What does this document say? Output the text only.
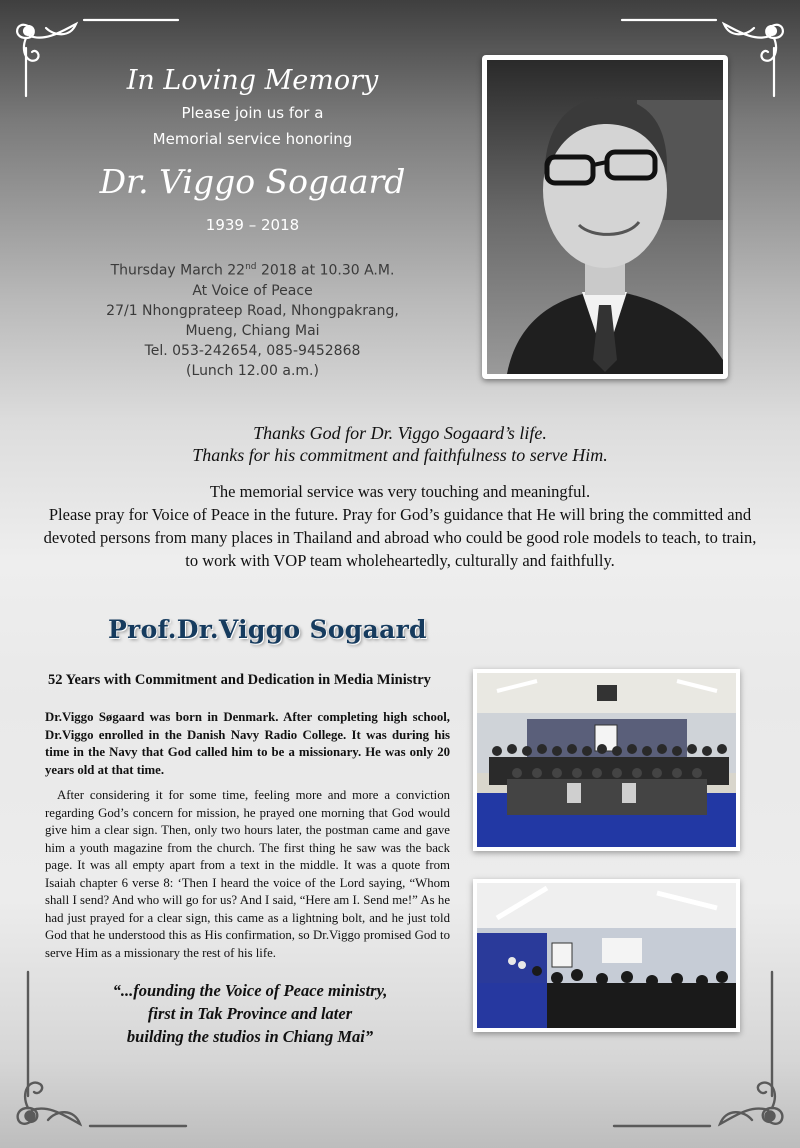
In Loving Memory
Please join us for a
Memorial service honoring
Dr. Viggo Sogaard
1939 – 2018
Thursday March 22nd 2018 at 10.30 A.M.
At Voice of Peace
27/1 Nhongprateep Road, Nhongpakrang,
Mueng, Chiang Mai
Tel. 053-242654, 085-9452868
(Lunch 12.00 a.m.)
Thanks God for Dr. Viggo Sogaard’s life.
Thanks for his commitment and faithfulness to serve Him.
The memorial service was very touching and meaningful.
Please pray for Voice of Peace in the future. Pray for God’s guidance that He will bring the committed and devoted persons from many places in Thailand and abroad who could be good role models to teach, to train, to work with VOP team wholeheartedly, culturally and faithfully.
Prof.Dr.Viggo Sogaard
52 Years with Commitment and Dedication in Media Ministry
Dr.Viggo Søgaard was born in Denmark. After completing high school, Dr.Viggo enrolled in the Danish Navy Radio College. It was during his time in the Navy that God called him to be a missionary. He was only 20 years old at that time.
After considering it for some time, feeling more and more a conviction regarding God’s concern for mission, he prayed one morning that God would give him a clear sign. Then, only two hours later, the postman came and gave him a youth magazine from the church. The first thing he saw was the back page. It was all empty apart from a text in the middle. It was a quote from Isaiah chapter 6 verse 8: ‘Then I heard the voice of the Lord saying, “Whom shall I send? And who will go for us? And I said, “Here am I. Send me!” As he had just prayed for a clear sign, this came as a lightning bolt, and he just told God that he understood this as His confirmation, so Dr.Viggo promised God to serve Him as a missionary the rest of his life.
“...founding the Voice of Peace ministry,
first in Tak Province and later
building the studios in Chiang Mai”
